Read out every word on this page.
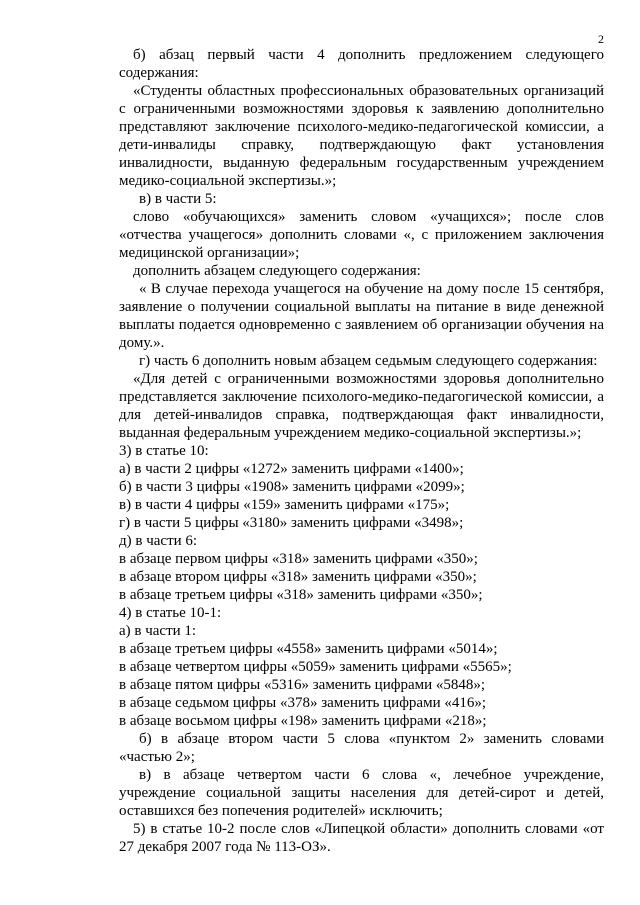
2

б) абзац первый части 4 дополнить предложением следующего содержания:

«Студенты областных профессиональных образовательных организаций с ограниченными возможностями здоровья к заявлению дополнительно представляют заключение психолого-медико-педагогической комиссии, а дети-инвалиды справку, подтверждающую факт установления инвалидности, выданную федеральным государственным учреждением медико-социальной экспертизы.»;

в) в части 5:

слово «обучающихся» заменить словом «учащихся»; после слов «отчества учащегося» дополнить словами «, с приложением заключения медицинской организации»;

дополнить абзацем следующего содержания:

« В случае перехода учащегося на обучение на дому после 15 сентября, заявление о получении социальной выплаты на питание в виде денежной выплаты подается одновременно с заявлением об организации обучения на дому.».

г) часть 6 дополнить новым абзацем седьмым следующего содержания:

«Для детей с ограниченными возможностями здоровья дополнительно представляется заключение психолого-медико-педагогической комиссии, а для детей-инвалидов справка, подтверждающая факт инвалидности, выданная федеральным учреждением медико-социальной экспертизы.»;

3) в статье 10:

а) в части 2 цифры «1272» заменить цифрами «1400»;

б) в части 3 цифры «1908» заменить цифрами «2099»;

в) в части 4 цифры «159» заменить цифрами «175»;

г) в части 5 цифры «3180» заменить цифрами «3498»;

д) в части 6:

в абзаце первом цифры «318» заменить цифрами «350»;

в абзаце втором цифры «318» заменить цифрами «350»;

в абзаце третьем цифры «318» заменить цифрами «350»;

4) в статье 10-1:

а) в части 1:

в абзаце третьем цифры «4558» заменить цифрами «5014»;

в абзаце четвертом цифры «5059» заменить цифрами «5565»;

в абзаце пятом цифры «5316» заменить цифрами «5848»;

в абзаце седьмом цифры «378» заменить цифрами «416»;

в абзаце восьмом цифры «198» заменить цифрами «218»;

б) в абзаце втором части 5 слова «пунктом 2» заменить словами «частью 2»;

в) в абзаце четвертом части 6 слова «, лечебное учреждение, учреждение социальной защиты населения для детей-сирот и детей, оставшихся без попечения родителей» исключить;

5) в статье 10-2 после слов «Липецкой области» дополнить словами «от 27 декабря 2007 года № 113-ОЗ».
